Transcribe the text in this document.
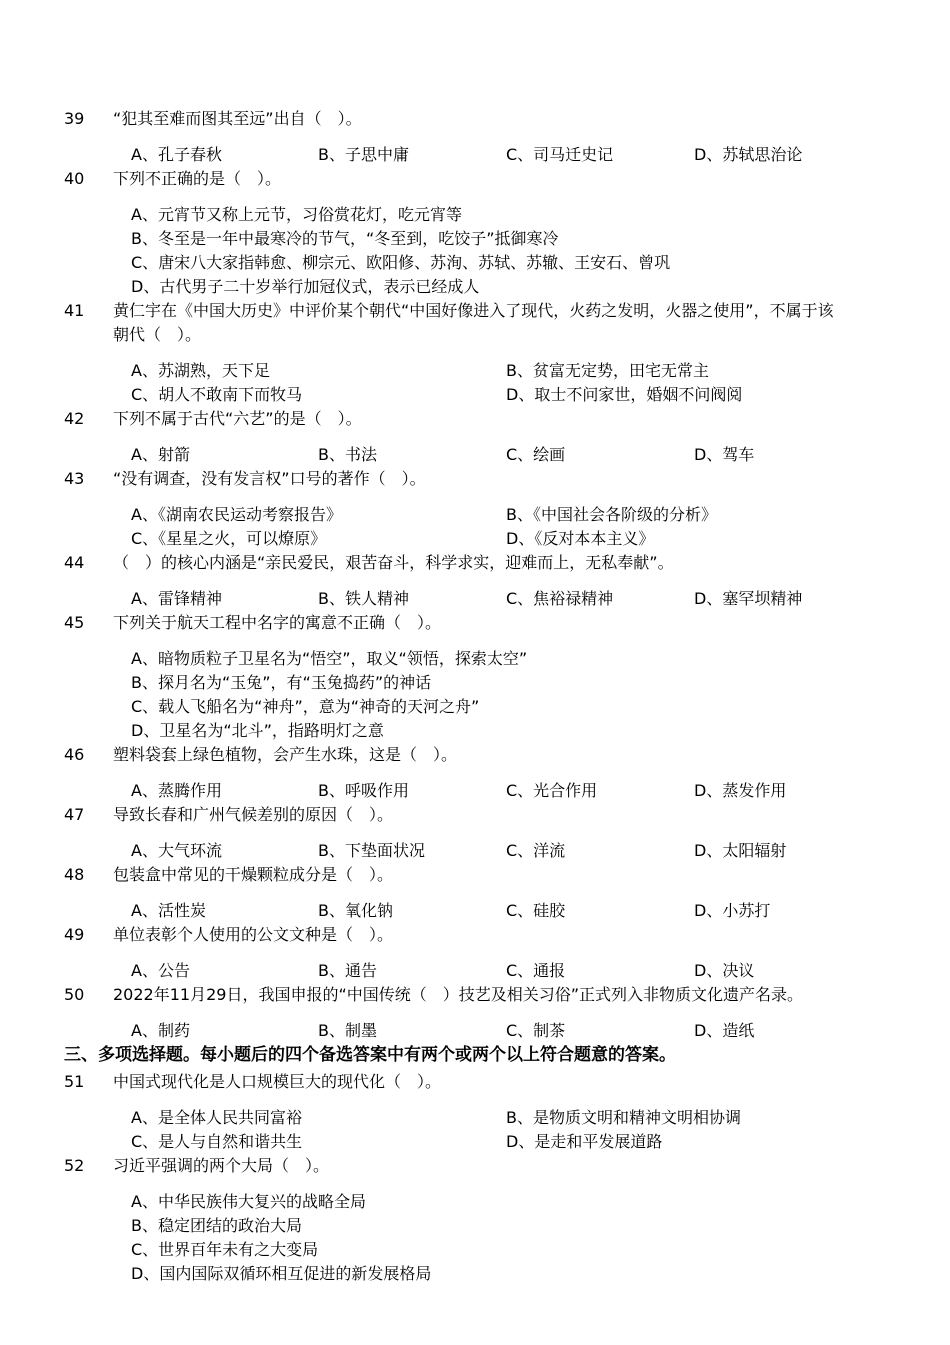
39 “犯其至难而图其至远”出自（　）。
A、孔子春秋	B、子思中庸	C、司马迁史记	D、苏轼思治论
40 下列不正确的是（　）。
A、元宵节又称上元节，习俗赏花灯，吃元宵等
B、冬至是一年中最寒冷的节气，“冬至到，吃饺子”抵御寒冷
C、唐宋八大家指韩愈、柳宗元、欧阳修、苏洵、苏轼、苏辙、王安石、曾巩
D、古代男子二十岁举行加冠仪式，表示已经成人
41 黄仁宇在《中国大历史》中评价某个朝代“中国好像进入了现代，火药之发明，火器之使用”，不属于该
朝代（　）。
A、苏湖熟，天下足	B、贫富无定势，田宅无常主
C、胡人不敢南下而牧马	D、取士不问家世，婚姻不问阀阅
42 下列不属于古代“六艺”的是（　）。
A、射箭	B、书法	C、绘画	D、驾车
43 “没有调查，没有发言权”口号的著作（　）。
A、《湖南农民运动考察报告》	B、《中国社会各阶级的分析》
C、《星星之火，可以燎原》	D、《反对本本主义》
44 （　）的核心内涵是“亲民爱民，艰苦奋斗，科学求实，迎难而上，无私奉献”。
A、雷锋精神	B、铁人精神	C、焦裕禄精神	D、塞罕坝精神
45 下列关于航天工程中名字的寓意不正确（　）。
A、暗物质粒子卫星名为“悟空”，取义“领悟，探索太空”
B、探月名为“玉兔”，有“玉兔捣药”的神话
C、载人飞船名为“神舟”，意为“神奇的天河之舟”
D、卫星名为“北斗”，指路明灯之意
46 塑料袋套上绿色植物，会产生水珠，这是（　）。
A、蒸腾作用	B、呼吸作用	C、光合作用	D、蒸发作用
47 导致长春和广州气候差别的原因（　）。
A、大气环流	B、下垫面状况	C、洋流	D、太阳辐射
48 包装盒中常见的干燥颗粒成分是（　）。
A、活性炭	B、氧化钠	C、硅胶	D、小苏打
49 单位表彰个人使用的公文文种是（　）。
A、公告	B、通告	C、通报	D、决议
50 2022年11月29日，我国申报的“中国传统（　）技艺及相关习俗”正式列入非物质文化遗产名录。
A、制药	B、制墨	C、制茶	D、造纸
三、多项选择题。每小题后的四个备选答案中有两个或两个以上符合题意的答案。
51 中国式现代化是人口规模巨大的现代化（　）。
A、是全体人民共同富裕	B、是物质文明和精神文明相协调
C、是人与自然和谐共生	D、是走和平发展道路
52 习近平强调的两个大局（　）。
A、中华民族伟大复兴的战略全局
B、稳定团结的政治大局
C、世界百年未有之大变局
D、国内国际双循环相互促进的新发展格局
